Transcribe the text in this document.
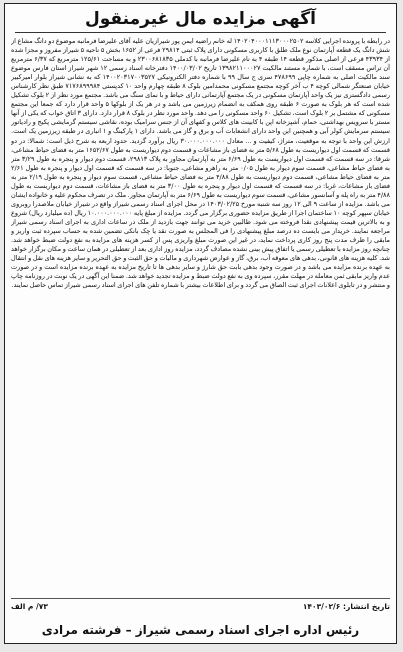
آگهی مزایده مال غیرمنقول
در رابطه با پرونده اجرایی کلاسه ۱۴۰۲۰۴۰۰۰۱۱۱۳۰۰۰۲۵۰۲ له خانم راضیه ایمن پور شیرازیان علیه آقای علیرضا فرمانبه موضوع دو دانگ مشاع از شش دانگ یک قطعه آپارتمان نوع ملک طلق با کاربری مسکونی دارای پلاک ثبتی ۲۹۸۱۴ فرعی از ۱۶۵۲ بخش ۵ ناحیه ۵ شیراز مفروز و مجزا شده از ۴۳۹۳۴ فرعی از اصلی مذکور قطعه ۱۴ طبقه ۴ به نام علیرضا فرمانبه با کدملی ۲۳۰۰۶۸۱۸۳۵ و به مساحت ۱۲۵/۶۱ مترمربع که ۶/۳۷ مترمربع آن تراس مسقف است، با شماره مستند مالکیت ۱۳۹۸۲۱۱۰۰۰۲۷ تاریخ ۱۴۰۰/۰۳/۰۲ دفترخانه اسناد رسمی ۱۲ شهر شیراز استان فارس موضوع سند مالکیت اصلی به شماره چاپی ۴۷۸۶۹۹ سری ج سال ۹۹ با شماره دفتر الکترونیکی ۱۴۰۰۲۰۳۱۷۰۰۳۵۲۷ که به نشانی شیراز بلوار امیرکبیر خیابان صنعتگر شمالی کوچه ۴ ب آخر کوچه مجتمع مسکونی محمدامین بلوک ۸ طبقه چهارم واحد ۱۰ کدپستی ۷۱۷۶۸۹۹۹۸۴ طبق نظر کارشناس رسمی دادگستری نیز یک واحد آپارتمان مسکونی در یک مجتمع آپارتمانی دارای حیاط و با نمای سنگ می باشد. مجتمع مورد نظر از ۲ بلوک تشکیل شده است که هر بلوک به صورت ۶ طبقه روی همکف به انضمام زیرزمین می باشد و در هر یک از بلوکها ۵ واحد قرار دارد که جمعا این مجتمع مسکونی که مشتمل بر ۲ بلوک است، تشکیل ۶۰ واحد مسکونی را می دهد. واحد مورد نظر در بلوک ۸ قرار دارد. دارای ۳ اتاق خواب که یکی از آنها مستر با سرویس بهداشتی، حمام، آشپزخانه اپن با کابینت های کلاس و کفهای آن از جنس سرامیک بوده، نقاشی سیستم گرمایشی پکیج و رادیاتور سیستم سرمایش کولر آبی و همچنین این واحد دارای انشعابات آب و برق و گاز می باشد. دارای ۱ پارکینگ و ۱ انباری در طبقه زیرزمین یک است. ارزش این واحد با توجه به موقعیت، متراژ، کیفیت و ... معادل ۳۰.۰۰۰.۰۰۰.۰۰۰ ریال برآورد گردید. حدود اربعه به شرح ذیل است: شمالا: در دو قسمت که قسمت اول دیواریست به طول ۵/۶۸ متر به فضای باز مشاعات و قسمت دوم دیواریست به طول ۱۶۵۲/۶۷ متر به فضای حیاط مشاعی، شرقا: در سه قسمت که قسمت اول دیواریست به طول ۶/۶۹ متر به آپارتمان مجاور به پلاک ۲۹۸۱۳، قسمت دوم دیوار و پنجره به طول ۳/۲۹ متر به فضای حیاط مشاعی، قسمت سوم دیوار به طول ۰/۰۵ متر به راهرو مشاعی، جنوبا: در سه قسمت که قسمت اول دیوار و پنجره به طول ۲/۶۱ متر به فضای حیاط مشاعی، قسمت دوم دیواریست به طول ۴/۸۸ متر به فضای حیاط مشاعی، قسمت سوم دیوار و پنجره به طول ۲/۱۹ متر به فضای باز مشاعات، غربا: در سه قسمت که قسمت اول دیوار و پنجره به طول ۳/۰۰ متر به فضای باز مشاعات، قسمت دوم دیواریست به طول ۴/۸۸ متر به راه پله و آسانسور مشاعی، قسمت سوم دیواریست به طول ۶/۶۹ متر به آپارتمان مجاور. ملک در تصرف محکوم علیه و خانواده ایشان می باشد. مزایده از ساعت ۹ الی ۱۲ روز سه شنبه مورخ ۱۴۰۳/۰۲/۲۵ در محل اجرای اسناد رسمی شیراز واقع در شیراز خیابان ملاصدرا روبروی خیابان سپهر کوچه ۱۰ ساختمان اجرا از طریق مزایده حضوری برگزار می گردد. مزایده از مبلغ پایه ۱۰.۰۰۰.۰۰۰.۰۰۰ ریال (ده میلیارد ریال) شروع و به بالاترین قیمت پیشنهادی نقدا فروخته می شود. طالبین خرید می توانند جهت بازدید از ملک در ساعات اداری به اجرای اسناد رسمی شیراز مراجعه نمایند. خریدار می بایست ده درصد مبلغ پیشنهادی را فی المجلس به صورت نقد یا چک بانکی تضمین شده به حساب سپرده ثبت واریز و مابقی را ظرف مدت پنج روز کاری پرداخت نماید، در غیر این صورت مبلغ واریزی پس از کسر هزینه های مزایده به نفع دولت ضبط خواهد شد. چنانچه روز مزایده با تعطیلی رسمی یا اتفاق پیش بینی نشده مصادف گردد، مزایده روز اداری بعد از تعطیلی در همان ساعت و مکان برگزار خواهد شد. کلیه هزینه های قانونی، بدهی های معوقه آب، برق، گاز و عوارض شهرداری و مالیات و حق الثبت و حق التحریر و سایر هزینه های نقل و انتقال به عهده برنده مزایده می باشد و در صورت وجود بدهی بابت حق شارژ و سایر بدهی ها تا تاریخ مزایده به عهده برنده مزایده است و در صورت عدم واریز مابقی ثمن معامله در مهلت مقرر، سپرده وی به نفع دولت ضبط و مزایده تجدید خواهد شد. ضمنا این آگهی در یک نوبت در روزنامه چاپ و منتشر و در تابلوی اعلانات اجرای ثبت الصاق می گردد و برای اطلاعات بیشتر با شماره تلفن های اجرای اسناد رسمی شیراز تماس حاصل نمایند.
تاریخ انتشار: ۱۴۰۳/۰۲/۶
۷۳/ م الف
رئیس اداره اجرای اسناد رسمی شیراز – فرشته مرادی
